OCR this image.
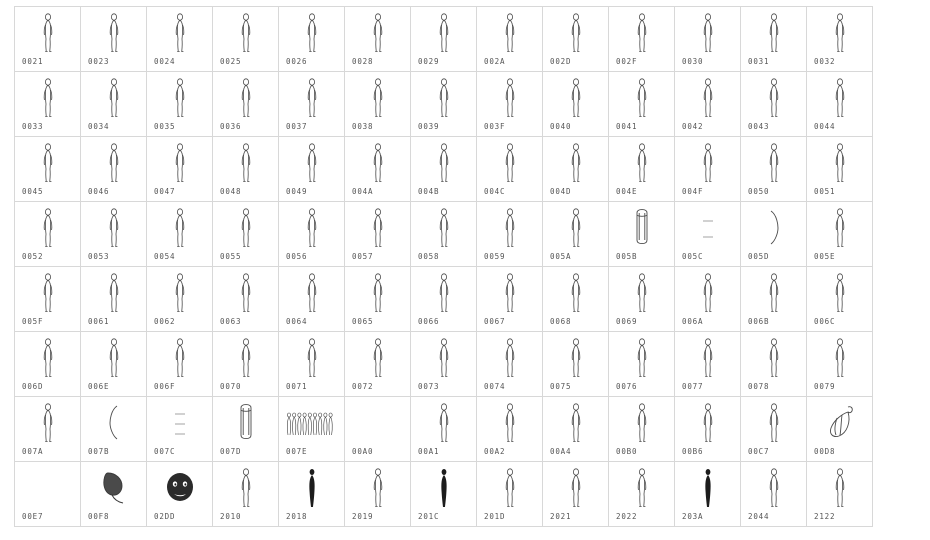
0021	0023	0024	0025	0026	0028	0029	002A	002D	002F	0030	0031	0032
0033	0034	0035	0036	0037	0038	0039	003F	0040	0041	0042	0043	0044
0045	0046	0047	0048	0049	004A	004B	004C	004D	004E	004F	0050	0051
0052	0053	0054	0055	0056	0057	0058	0059	005A	005B	005C	005D	005E
005F	0061	0062	0063	0064	0065	0066	0067	0068	0069	006A	006B	006C
006D	006E	006F	0070	0071	0072	0073	0074	0075	0076	0077	0078	0079
007A	007B	007C	007D	007E	00A0	00A1	00A2	00A4	00B0	00B6	00C7	00D8
00E7	00F8	02DD	2010	2018	2019	201C	201D	2021	2022	203A	2044	2122
